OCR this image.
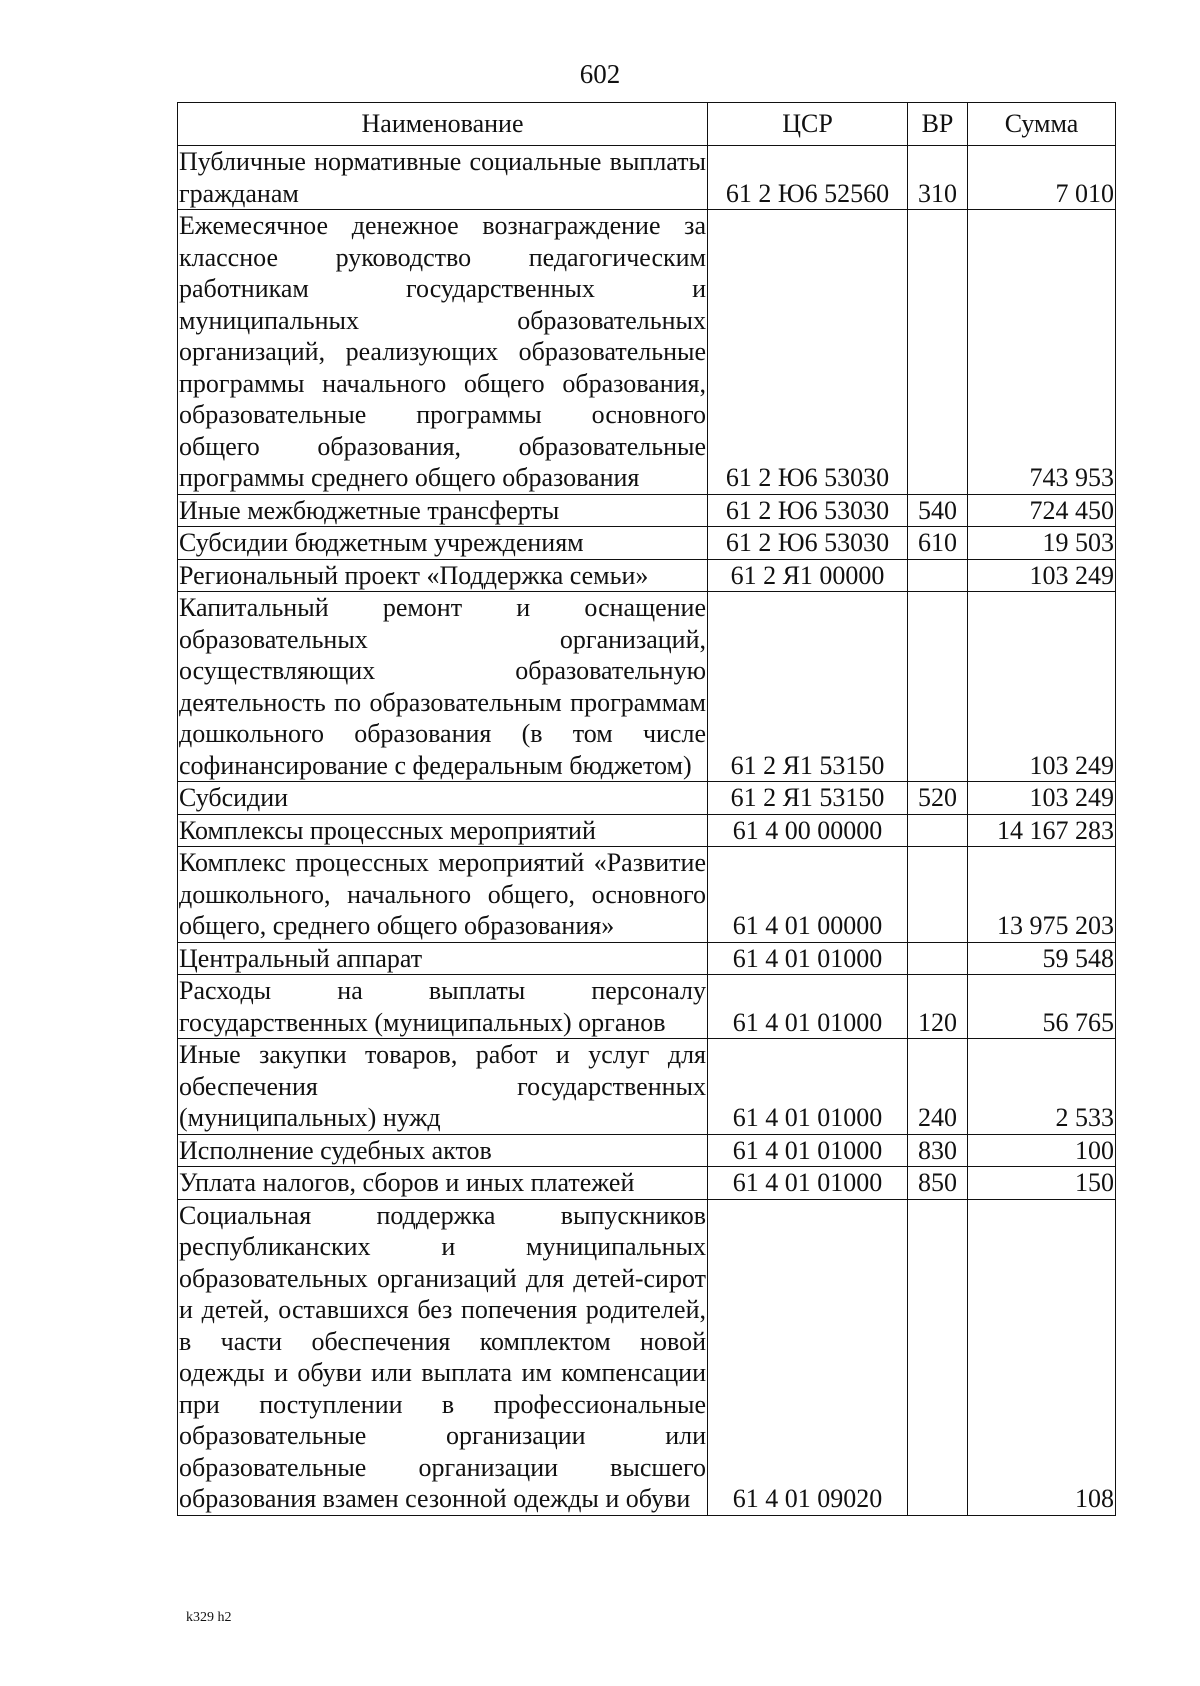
602
Наименование	ЦСР	ВР	Сумма
Публичные нормативные социальные выплаты гражданам	61 2 Ю6 52560	310	7 010
Ежемесячное денежное вознаграждение за классное руководство педагогическим работникам государственных и муниципальных образовательных организаций, реализующих образовательные программы начального общего образования, образовательные программы основного общего образования, образовательные программы среднего общего образования	61 2 Ю6 53030		743 953
Иные межбюджетные трансферты	61 2 Ю6 53030	540	724 450
Субсидии бюджетным учреждениям	61 2 Ю6 53030	610	19 503
Региональный проект «Поддержка семьи»	61 2 Я1 00000		103 249
Капитальный ремонт и оснащение образовательных организаций, осуществляющих образовательную деятельность по образовательным программам дошкольного образования (в том числе софинансирование с федеральным бюджетом)	61 2 Я1 53150		103 249
Субсидии	61 2 Я1 53150	520	103 249
Комплексы процессных мероприятий	61 4 00 00000		14 167 283
Комплекс процессных мероприятий «Развитие дошкольного, начального общего, основного общего, среднего общего образования»	61 4 01 00000		13 975 203
Центральный аппарат	61 4 01 01000		59 548
Расходы на выплаты персоналу государственных (муниципальных) органов	61 4 01 01000	120	56 765
Иные закупки товаров, работ и услуг для обеспечения государственных (муниципальных) нужд	61 4 01 01000	240	2 533
Исполнение судебных актов	61 4 01 01000	830	100
Уплата налогов, сборов и иных платежей	61 4 01 01000	850	150
Социальная поддержка выпускников республиканских и муниципальных образовательных организаций для детей-сирот и детей, оставшихся без попечения родителей, в части обеспечения комплектом новой одежды и обуви или выплата им компенсации при поступлении в профессиональные образовательные организации или образовательные организации высшего образования взамен сезонной одежды и обуви	61 4 01 09020		108
k329 h2
